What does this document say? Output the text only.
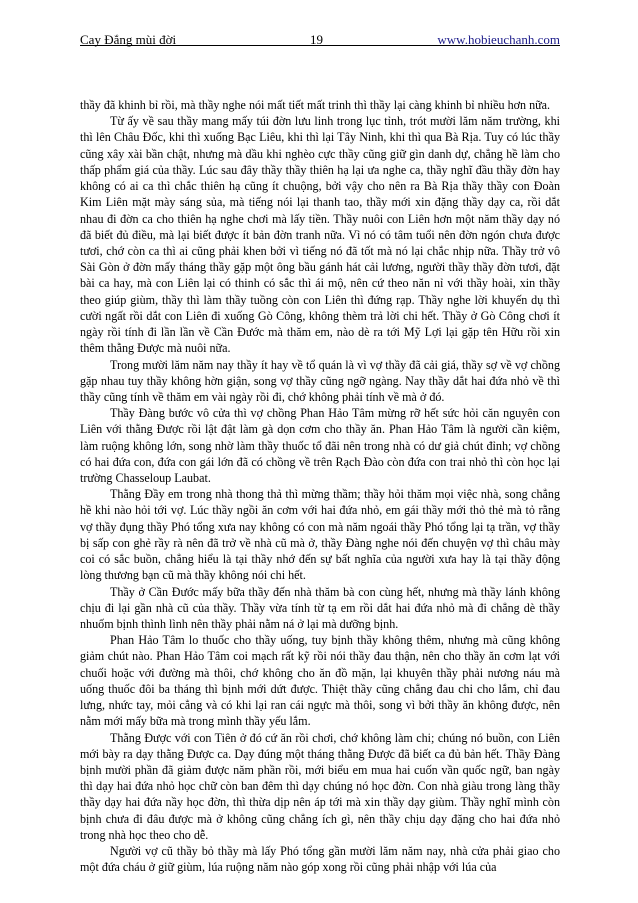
Cay Đắng mùi đời	19	www.hobieuchanh.com

thầy đã khinh bỉ rồi, mà thầy nghe nói mất tiết mất trinh thì thầy lại càng khinh bỉ nhiều hơn nữa.

Từ ấy về sau thầy mang mấy túi đờn lưu linh trong lục tỉnh, trót mười lăm năm trường, khi thì lên Châu Đốc, khi thì xuống Bạc Liêu, khi thì lại Tây Ninh, khi thì qua Bà Rịa. Tuy có lúc thầy cũng xây xài bần chật, nhưng mà dầu khi nghèo cực thầy cũng giữ gìn danh dự, chẳng hề làm cho thấp phẩm giá của thầy. Lúc sau đây thầy thầy thiên hạ lại ưa nghe ca, thầy nghĩ đầu thầy đờn hay không có ai ca thì chắc thiên hạ cũng ít chuộng, bởi vậy cho nên ra Bà Rịa thầy thầy con Đoàn Kim Liên mặt mày sáng sủa, mà tiếng nói lại thanh tao, thầy mới xin đặng thầy dạy ca, rồi dắt nhau đi đờn ca cho thiên hạ nghe chơi mà lấy tiền. Thầy nuôi con Liên hơn một năm thầy dạy nó đã biết đủ điều, mà lại biết được ít bản đờn tranh nữa. Vì nó có tâm tuổi nên đờn ngón chưa được tươi, chớ còn ca thì ai cũng phải khen bởi vì tiếng nó đã tốt mà nó lại chắc nhịp nữa. Thầy trở vô Sài Gòn ở đờn mấy tháng thầy gặp một ông bầu gánh hát cải lương, người thầy thầy đờn tươi, đặt bài ca hay, mà con Liên lại có thinh có sắc thì ái mộ, nên cứ theo năn nỉ với thầy hoài, xin thầy theo giúp giùm, thầy thì làm thầy tuồng còn con Liên thì đứng rạp. Thầy nghe lời khuyến dụ thì cười ngất rồi dắt con Liên đi xuống Gò Công, không thèm trả lời chi hết. Thầy ở Gò Công chơi ít ngày rồi tính đi lần lần về Cần Đước mà thăm em, nào dè ra tới Mỹ Lợi lại gặp tên Hữu rồi xin thêm thằng Được mà nuôi nữa.

Trong mười lăm năm nay thầy ít hay về tổ quán là vì vợ thầy đã cải giá, thầy sợ về vợ chồng gặp nhau tuy thầy không hờn giận, song vợ thầy cũng ngỡ ngàng. Nay thầy dắt hai đứa nhỏ về thì thầy cũng tính về thăm em vài ngày rồi đi, chớ không phải tính về mà ở đó.

Thầy Đàng bước vô cửa thì vợ chồng Phan Hảo Tâm mừng rỡ hết sức hỏi căn nguyên con Liên với thằng Được rồi lật đật làm gà dọn cơm cho thầy ăn. Phan Hảo Tâm là người cần kiệm, làm ruộng không lớn, song nhờ làm thầy thuốc tổ đãi nên trong nhà có dư giả chút đỉnh; vợ chồng có hai đứa con, đứa con gái lớn đã có chồng về trên Rạch Đào còn đứa con trai nhỏ thì còn học lại trường Chasseloup Laubat.

Thằng Đầy em trong nhà thong thả thì mừng thầm; thầy hỏi thăm mọi việc nhà, song chẳng hề khi nào hỏi tới vợ. Lúc thầy ngồi ăn cơm với hai đứa nhỏ, em gái thầy mới thỏ thẻ mà tỏ rằng vợ thầy đụng thầy Phó tổng xưa nay không có con mà năm ngoái thầy Phó tổng lại tạ trần, vợ thầy bị sấp con ghẻ rầy rà nên đã trở về nhà cũ mà ở, thầy Đàng nghe nói đến chuyện vợ thì châu mày coi có sắc buồn, chẳng hiểu là tại thầy nhớ đến sự bất nghĩa của người xưa hay là tại thầy động lòng thương bạn cũ mà thầy không nói chi hết.

Thầy ở Cần Đước mấy bữa thầy đến nhà thăm bà con cùng hết, nhưng mà thầy lánh không chịu đi lại gần nhà cũ của thầy. Thầy vừa tính từ tạ em rồi dắt hai đứa nhỏ mà đi chẳng dè thầy nhuốm bịnh thình lình nên thầy phải nằm ná ở lại mà dưỡng bịnh.

Phan Hảo Tâm lo thuốc cho thầy uống, tuy bịnh thầy không thêm, nhưng mà cũng không giảm chút nào. Phan Hảo Tâm coi mạch rất kỹ rồi nói thầy đau thận, nên cho thầy ăn cơm lạt với chuối hoặc với đường mà thôi, chớ không cho ăn đồ mặn, lại khuyên thầy phải nương náu mà uống thuốc đôi ba tháng thì bịnh mới dứt được. Thiệt thầy cũng chẳng đau chi cho lắm, chỉ đau lưng, nhức tay, mỏi cẳng và có khi lại ran cái ngực mà thôi, song vì bởi thầy ăn không được, nên nằm mới mấy bữa mà trong mình thầy yếu lắm.

Thằng Được với con Tiên ở đó cứ ăn rồi chơi, chớ không làm chi; chúng nó buồn, con Liên mới bày ra dạy thằng Được ca. Dạy đúng một tháng thằng Được đã biết ca đủ bản hết. Thầy Đàng bịnh mười phần đã giảm được năm phần rồi, mới biểu em mua hai cuốn vần quốc ngữ, ban ngày thì dạy hai đứa nhỏ học chữ còn ban đêm thì dạy chúng nó học đờn. Con nhà giàu trong làng thầy thầy dạy hai đứa nầy học đờn, thì thừa dịp nên áp tới mà xin thầy dạy giùm. Thầy nghĩ mình còn bịnh chưa đi đâu được mà ở không cũng chẳng ích gì, nên thầy chịu dạy đặng cho hai đứa nhỏ trong nhà học theo cho dễ.

Người vợ cũ thầy bỏ thầy mà lấy Phó tổng gần mười lăm năm nay, nhà cửa phải giao cho một đứa cháu ở giữ giùm, lúa ruộng năm nào góp xong rồi cũng phải nhập với lúa của
